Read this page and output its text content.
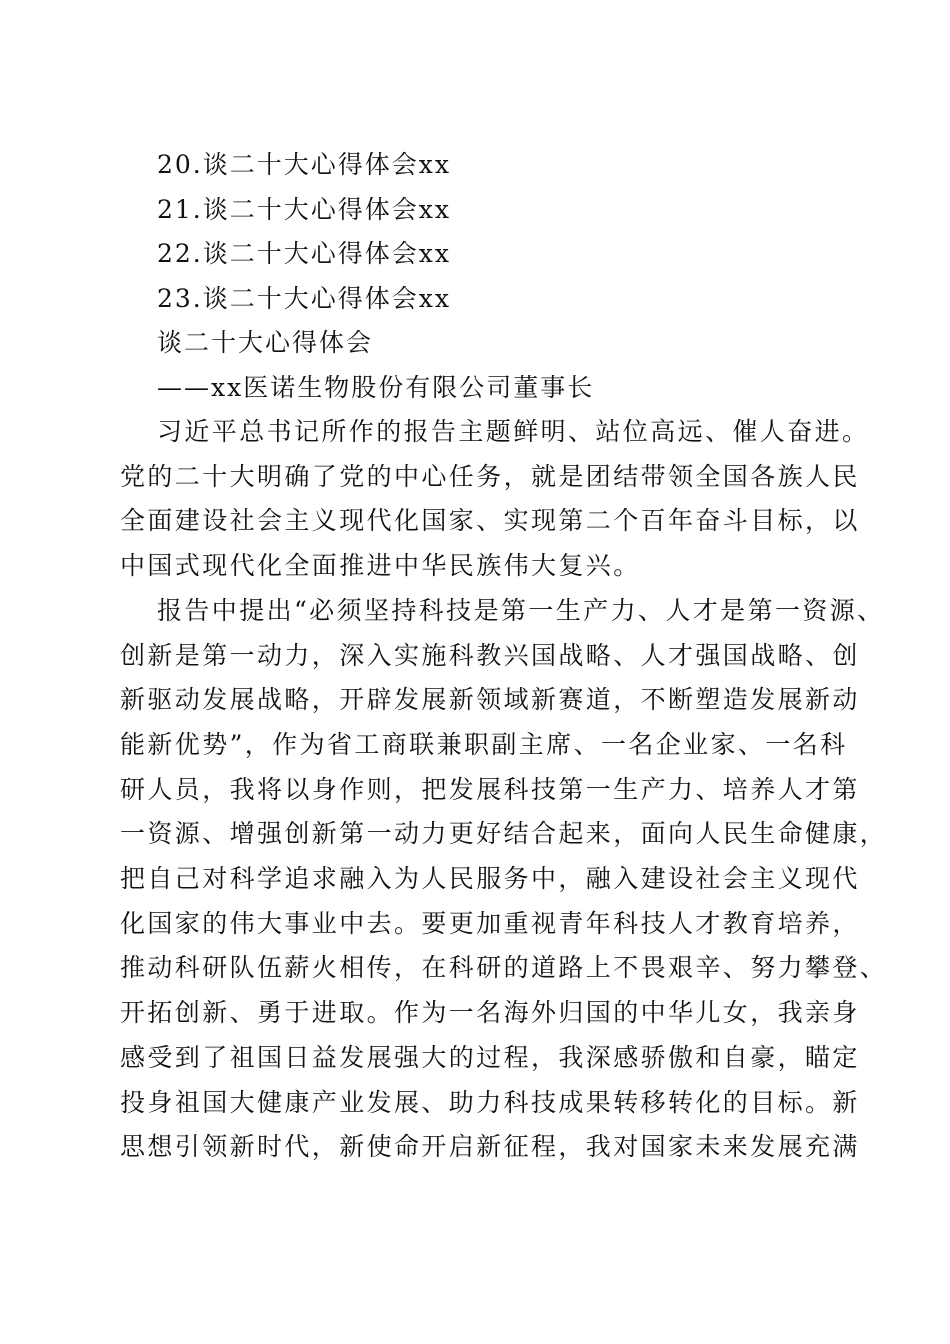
20.谈二十大心得体会xx
21.谈二十大心得体会xx
22.谈二十大心得体会xx
23.谈二十大心得体会xx
谈二十大心得体会
——xx医诺生物股份有限公司董事长
习近平总书记所作的报告主题鲜明、站位高远、催人奋进。
党的二十大明确了党的中心任务，就是团结带领全国各族人民
全面建设社会主义现代化国家、实现第二个百年奋斗目标，以
中国式现代化全面推进中华民族伟大复兴。
报告中提出“必须坚持科技是第一生产力、人才是第一资源、
创新是第一动力，深入实施科教兴国战略、人才强国战略、创
新驱动发展战略，开辟发展新领域新赛道，不断塑造发展新动
能新优势”，作为省工商联兼职副主席、一名企业家、一名科
研人员，我将以身作则，把发展科技第一生产力、培养人才第
一资源、增强创新第一动力更好结合起来，面向人民生命健康，
把自己对科学追求融入为人民服务中，融入建设社会主义现代
化国家的伟大事业中去。要更加重视青年科技人才教育培养，
推动科研队伍薪火相传，在科研的道路上不畏艰辛、努力攀登、
开拓创新、勇于进取。作为一名海外归国的中华儿女，我亲身
感受到了祖国日益发展强大的过程，我深感骄傲和自豪，瞄定
投身祖国大健康产业发展、助力科技成果转移转化的目标。新
思想引领新时代，新使命开启新征程，我对国家未来发展充满
